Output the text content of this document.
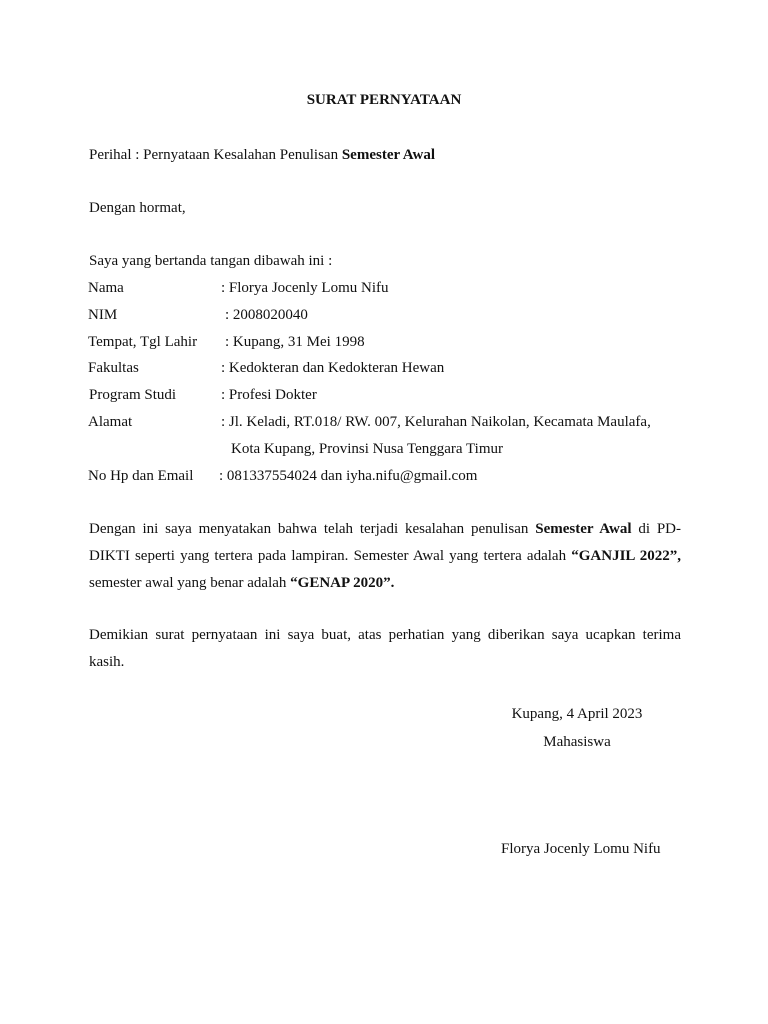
SURAT PERNYATAAN
Perihal : Pernyataan Kesalahan Penulisan Semester Awal
Dengan hormat,
Saya yang bertanda tangan dibawah ini :
Nama	: Florya Jocenly Lomu Nifu
NIM	: 2008020040
Tempat, Tgl Lahir : Kupang, 31 Mei 1998
Fakultas	: Kedokteran dan Kedokteran Hewan
Program Studi	: Profesi Dokter
Alamat	: Jl. Keladi, RT.018/ RW. 007, Kelurahan Naikolan, Kecamata Maulafa,
Kota Kupang, Provinsi Nusa Tenggara Timur
No Hp dan Email : 081337554024 dan iyha.nifu@gmail.com
Dengan ini saya menyatakan bahwa telah terjadi kesalahan penulisan Semester Awal di PD-
DIKTI seperti yang tertera pada lampiran. Semester Awal yang tertera adalah “GANJIL 2022”,
semester awal yang benar adalah “GENAP 2020”.
Demikian surat pernyataan ini saya buat, atas perhatian yang diberikan saya ucapkan terima
kasih.
Kupang, 4 April 2023
Mahasiswa
Florya Jocenly Lomu Nifu
